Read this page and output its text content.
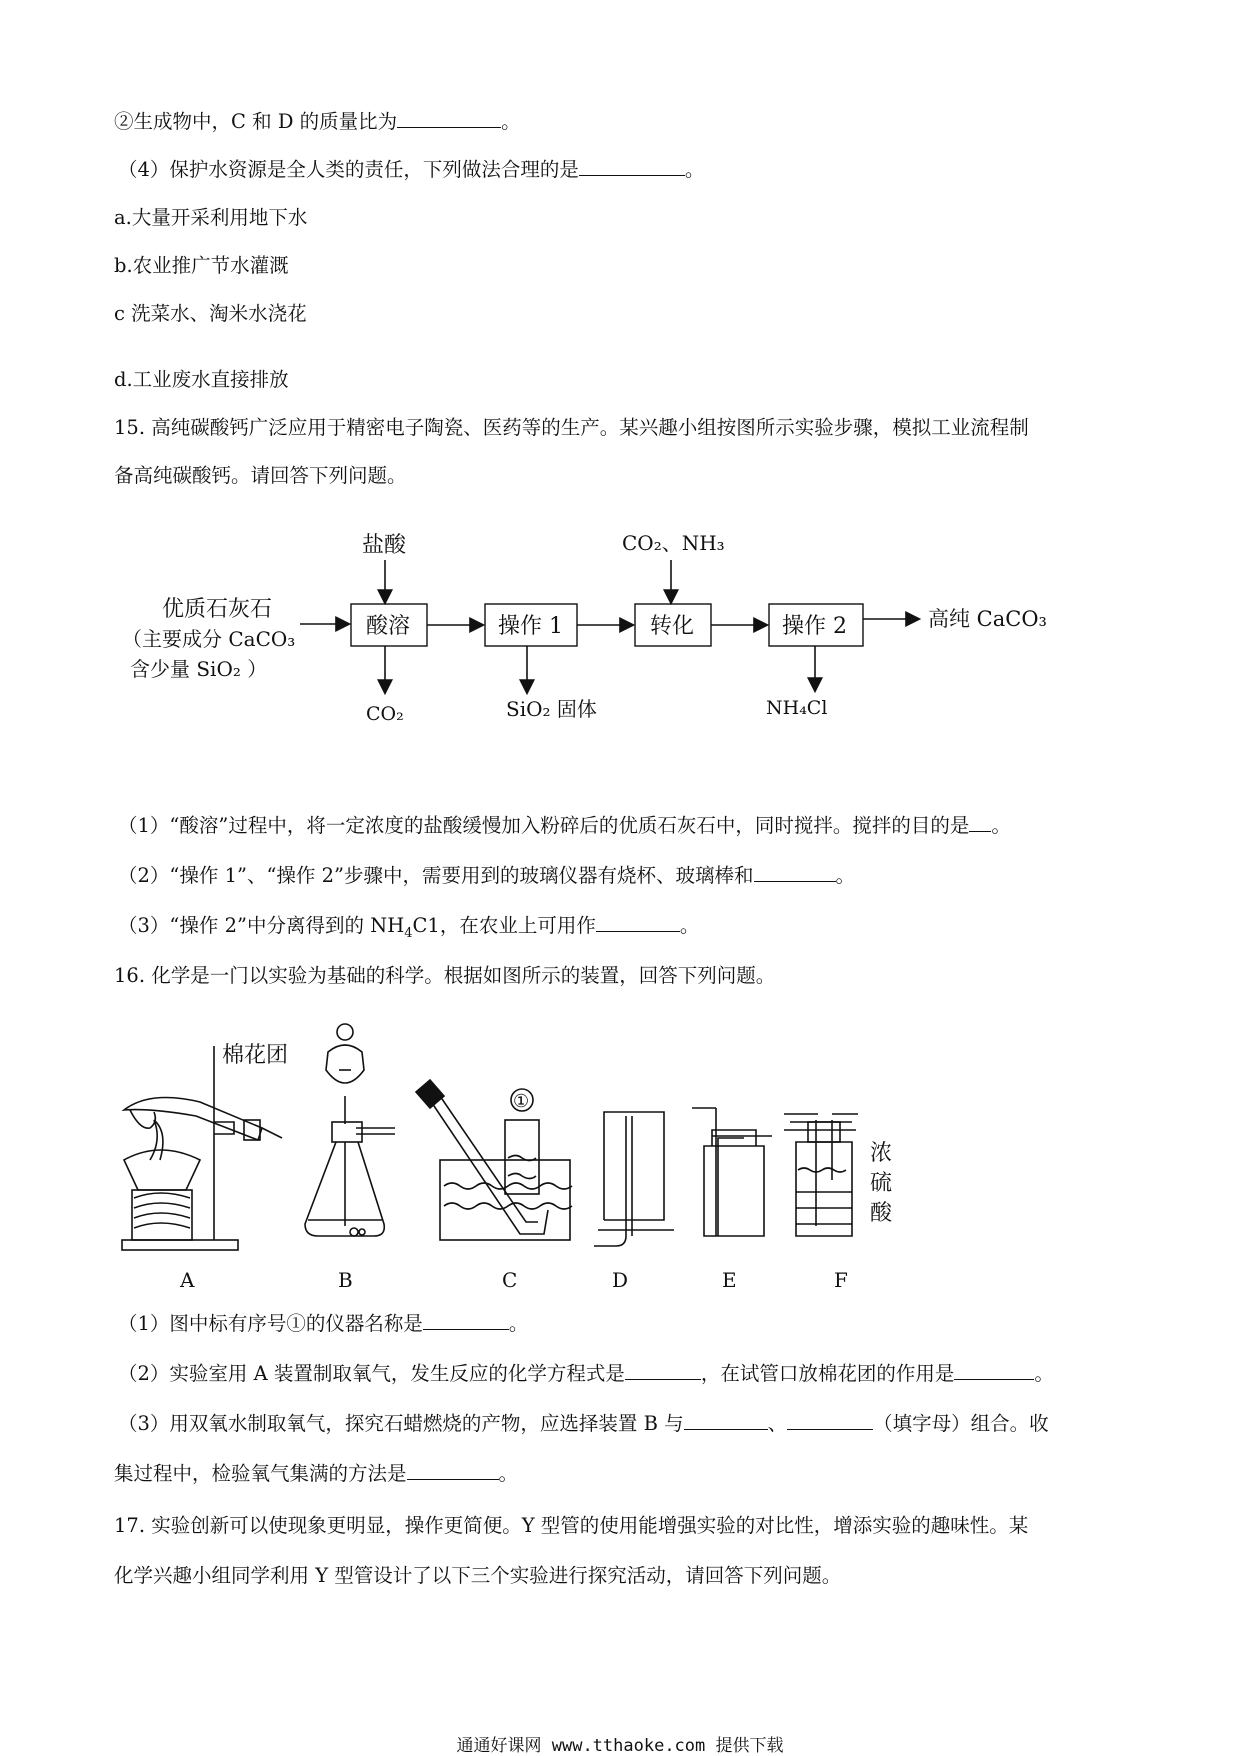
②生成物中，C 和 D 的质量比为	。
（4）保护水资源是全人类的责任，下列做法合理的是	。
a.大量开采利用地下水
b.农业推广节水灌溉
c 洗菜水、淘米水浇花
d.工业废水直接排放
15. 高纯碳酸钙广泛应用于精密电子陶瓷、医药等的生产。某兴趣小组按图所示实验步骤，模拟工业流程制
备高纯碳酸钙。请回答下列问题。
盐酸	CO₂、NH₃
优质石灰石
（主要成分 CaCO₃
含少量 SiO₂ ）
酸溶	操作 1	转化	操作 2	高纯 CaCO₃
CO₂	SiO₂ 固体	NH₄Cl
（1）“酸溶”过程中，将一定浓度的盐酸缓慢加入粉碎后的优质石灰石中，同时搅拌。搅拌的目的是 。
（2）“操作 1”、“操作 2”步骤中，需要用到的玻璃仪器有烧杯、玻璃棒和	。
（3）“操作 2”中分离得到的 $NH_4C1$，在农业上可用作	。
16. 化学是一门以实验为基础的科学。根据如图所示的装置，回答下列问题。
棉花团
①
浓
硫
酸
A	B	C	D	E	F
（1）图中标有序号①的仪器名称是	。
（2）实验室用 A 装置制取氧气，发生反应的化学方程式是	，在试管口放棉花团的作用是	。
（3）用双氧水制取氧气，探究石蜡燃烧的产物，应选择装置 B 与	、	（填字母）组合。收
集过程中，检验氧气集满的方法是	。
17. 实验创新可以使现象更明显，操作更简便。Y 型管的使用能增强实验的对比性，增添实验的趣味性。某
化学兴趣小组同学利用 Y 型管设计了以下三个实验进行探究活动，请回答下列问题。
通通好课网 www.tthaoke.com 提供下载
